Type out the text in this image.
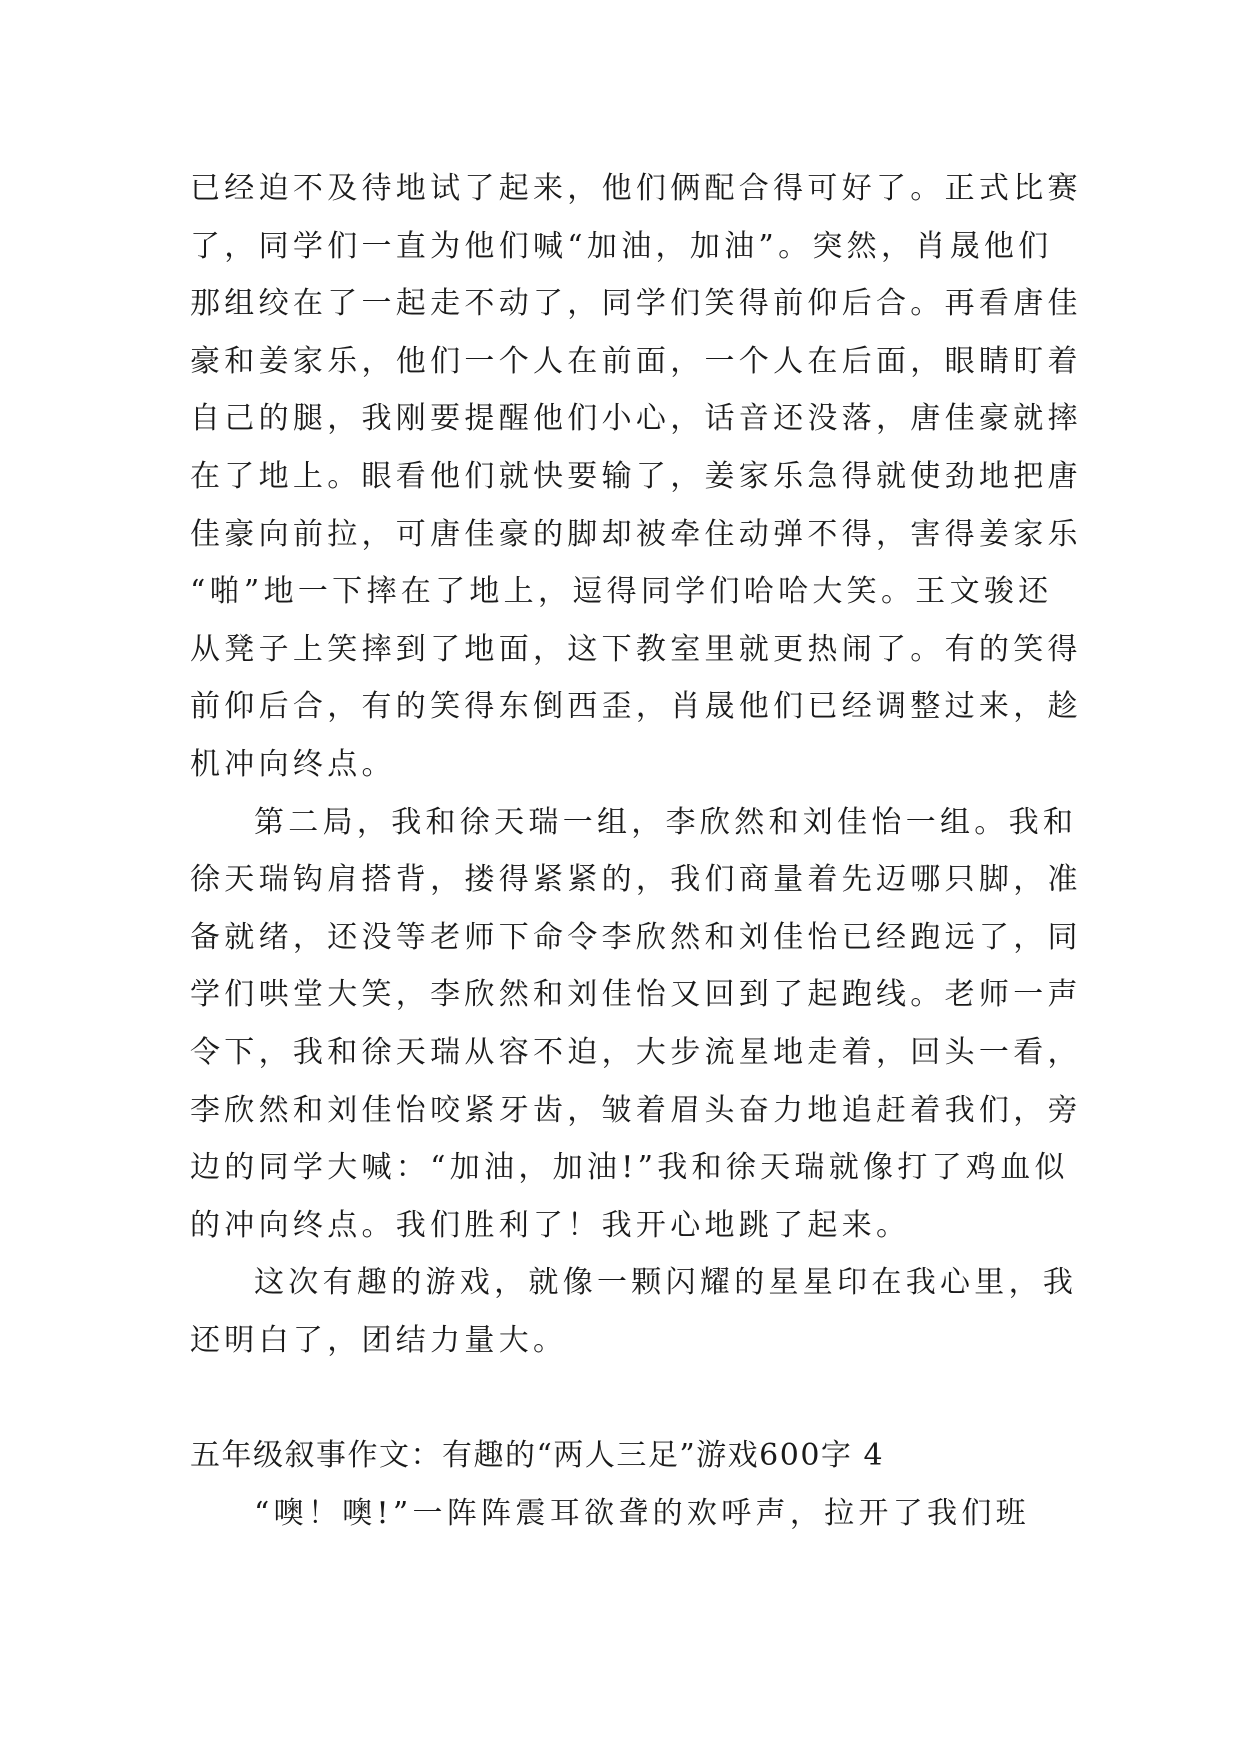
已经迫不及待地试了起来，他们俩配合得可好了。正式比赛
了，同学们一直为他们喊“加油，加油”。突然，肖晟他们
那组绞在了一起走不动了，同学们笑得前仰后合。再看唐佳
豪和姜家乐，他们一个人在前面，一个人在后面，眼睛盯着
自己的腿，我刚要提醒他们小心，话音还没落，唐佳豪就摔
在了地上。眼看他们就快要输了，姜家乐急得就使劲地把唐
佳豪向前拉，可唐佳豪的脚却被牵住动弹不得，害得姜家乐
“啪”地一下摔在了地上，逗得同学们哈哈大笑。王文骏还
从凳子上笑摔到了地面，这下教室里就更热闹了。有的笑得
前仰后合，有的笑得东倒西歪，肖晟他们已经调整过来，趁
机冲向终点。
第二局，我和徐天瑞一组，李欣然和刘佳怡一组。我和
徐天瑞钩肩搭背，搂得紧紧的，我们商量着先迈哪只脚，准
备就绪，还没等老师下命令李欣然和刘佳怡已经跑远了，同
学们哄堂大笑，李欣然和刘佳怡又回到了起跑线。老师一声
令下，我和徐天瑞从容不迫，大步流星地走着，回头一看，
李欣然和刘佳怡咬紧牙齿，皱着眉头奋力地追赶着我们，旁
边的同学大喊：“加油，加油!”我和徐天瑞就像打了鸡血似
的冲向终点。我们胜利了！我开心地跳了起来。
这次有趣的游戏，就像一颗闪耀的星星印在我心里，我
还明白了，团结力量大。
五年级叙事作文：有趣的“两人三足”游戏600字 4
“噢！噢!”一阵阵震耳欲聋的欢呼声，拉开了我们班
